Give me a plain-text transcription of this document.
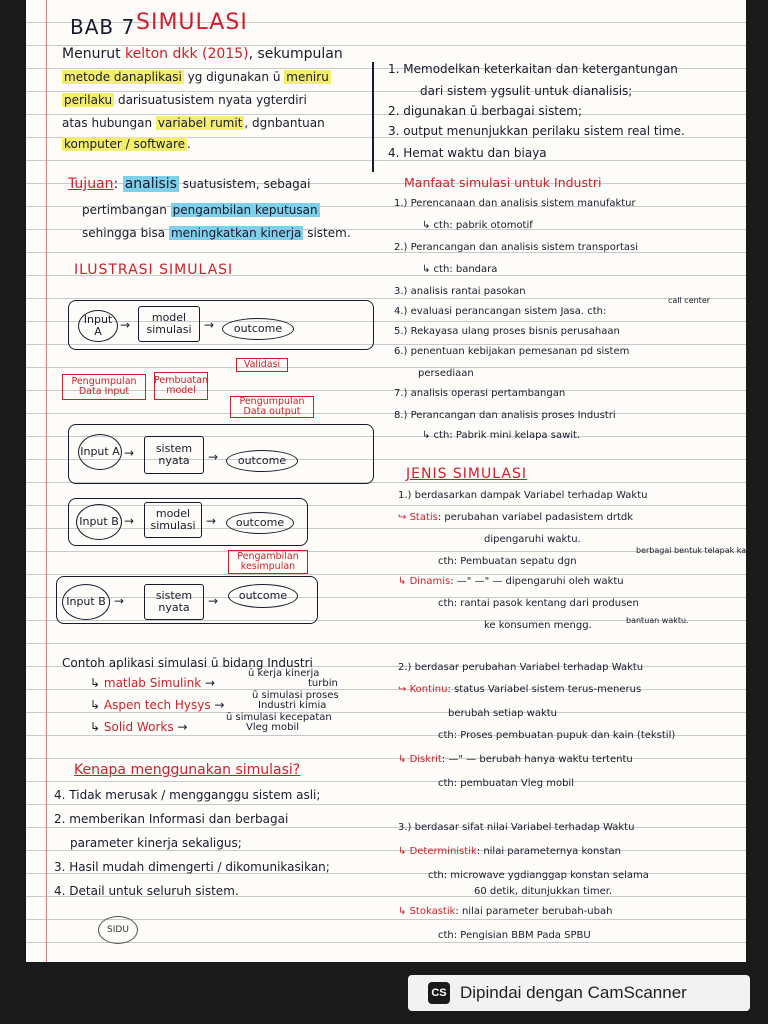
8	BAB 7 SIMULASI
Menurut kelton dkk (2015), sekumpulan
metode danaplikasi yg digunakan ū meniru
perilaku darisuatusistem nyata ygterdiri
atas hubungan variabel rumit , dgnbantuan
komputer / software .
1. Memodelkan keterkaitan dan ketergantungan
dari sistem ygsulit untuk dianalisis;
2. digunakan ū berbagai sistem;
3. output menunjukkan perilaku sistem real time.
4. Hemat waktu dan biaya
Tujuan: analisis suatusistem, sebagai
pertimbangan pengambilan keputusan
sehingga bisa meningkatkan kinerja sistem.
ILUSTRASI SIMULASI
Input A	→
model simulasi	→	outcome
Validasi
Pengumpulan Data Input
Pembuatan model
Pengumpulan Data output
Input A →	sistem nyata	→	outcome
Input B →
model simulasi →	outcome
Pengambilan kesimpulan
Input B →	sistem nyata	→	outcome
Contoh aplikasi simulasi ū bidang Industri
↳ matlab Simulink →
ū kerja kinerja
turbin
↳ Aspen tech Hysys →
ū simulasi proses
Industri kimia
↳ Solid Works →
ū simulasi kecepatan
Vleg mobil
Kenapa menggunakan simulasi?
4. Tidak merusak / mengganggu sistem asli;
2. memberikan Informasi dan berbagai
parameter kinerja sekaligus;
3. Hasil mudah dimengerti / dikomunikasikan;
4. Detail untuk seluruh sistem.
SIDU
Manfaat simulasi untuk Industri
1.) Perencanaan dan analisis sistem manufaktur
↳ cth: pabrik otomotif
2.) Perancangan dan analisis sistem transportasi
↳ cth: bandara
3.) analisis rantai pasokan
4.) evaluasi perancangan sistem Jasa. cth:
call center
5.) Rekayasa ulang proses bisnis perusahaan
6.) penentuan kebijakan pemesanan pd sistem
persediaan
7.) analisis operasi pertambangan
8.) Perancangan dan analisis proses Industri
↳ cth: Pabrik mini kelapa sawit.
JENIS SIMULASI
1.) berdasarkan dampak Variabel terhadap Waktu
↪ Statis: perubahan variabel padasistem drtdk
dipengaruhi waktu.
cth: Pembuatan sepatu dgn
berbagai bentuk telapak kaki
↳ Dinamis: —" —" — dipengaruhi oleh waktu
cth: rantai pasok kentang dari produsen
ke konsumen mengg.	bantuan waktu.
2.) berdasar perubahan Variabel terhadap Waktu
↪ Kontinu: status Variabel sistem terus-menerus
berubah setiap waktu
cth: Proses pembuatan pupuk dan kain (tekstil)
↳ Diskrit: —" — berubah hanya waktu tertentu
cth: pembuatan Vleg mobil
3.) berdasar sifat nilai Variabel terhadap Waktu
↳ Deterministik: nilai parameternya konstan
cth: microwave ygdianggap konstan selama
60 detik, ditunjukkan timer.
↳ Stokastik: nilai parameter berubah-ubah
cth: Pengisian BBM Pada SPBU
CS Dipindai dengan CamScanner
